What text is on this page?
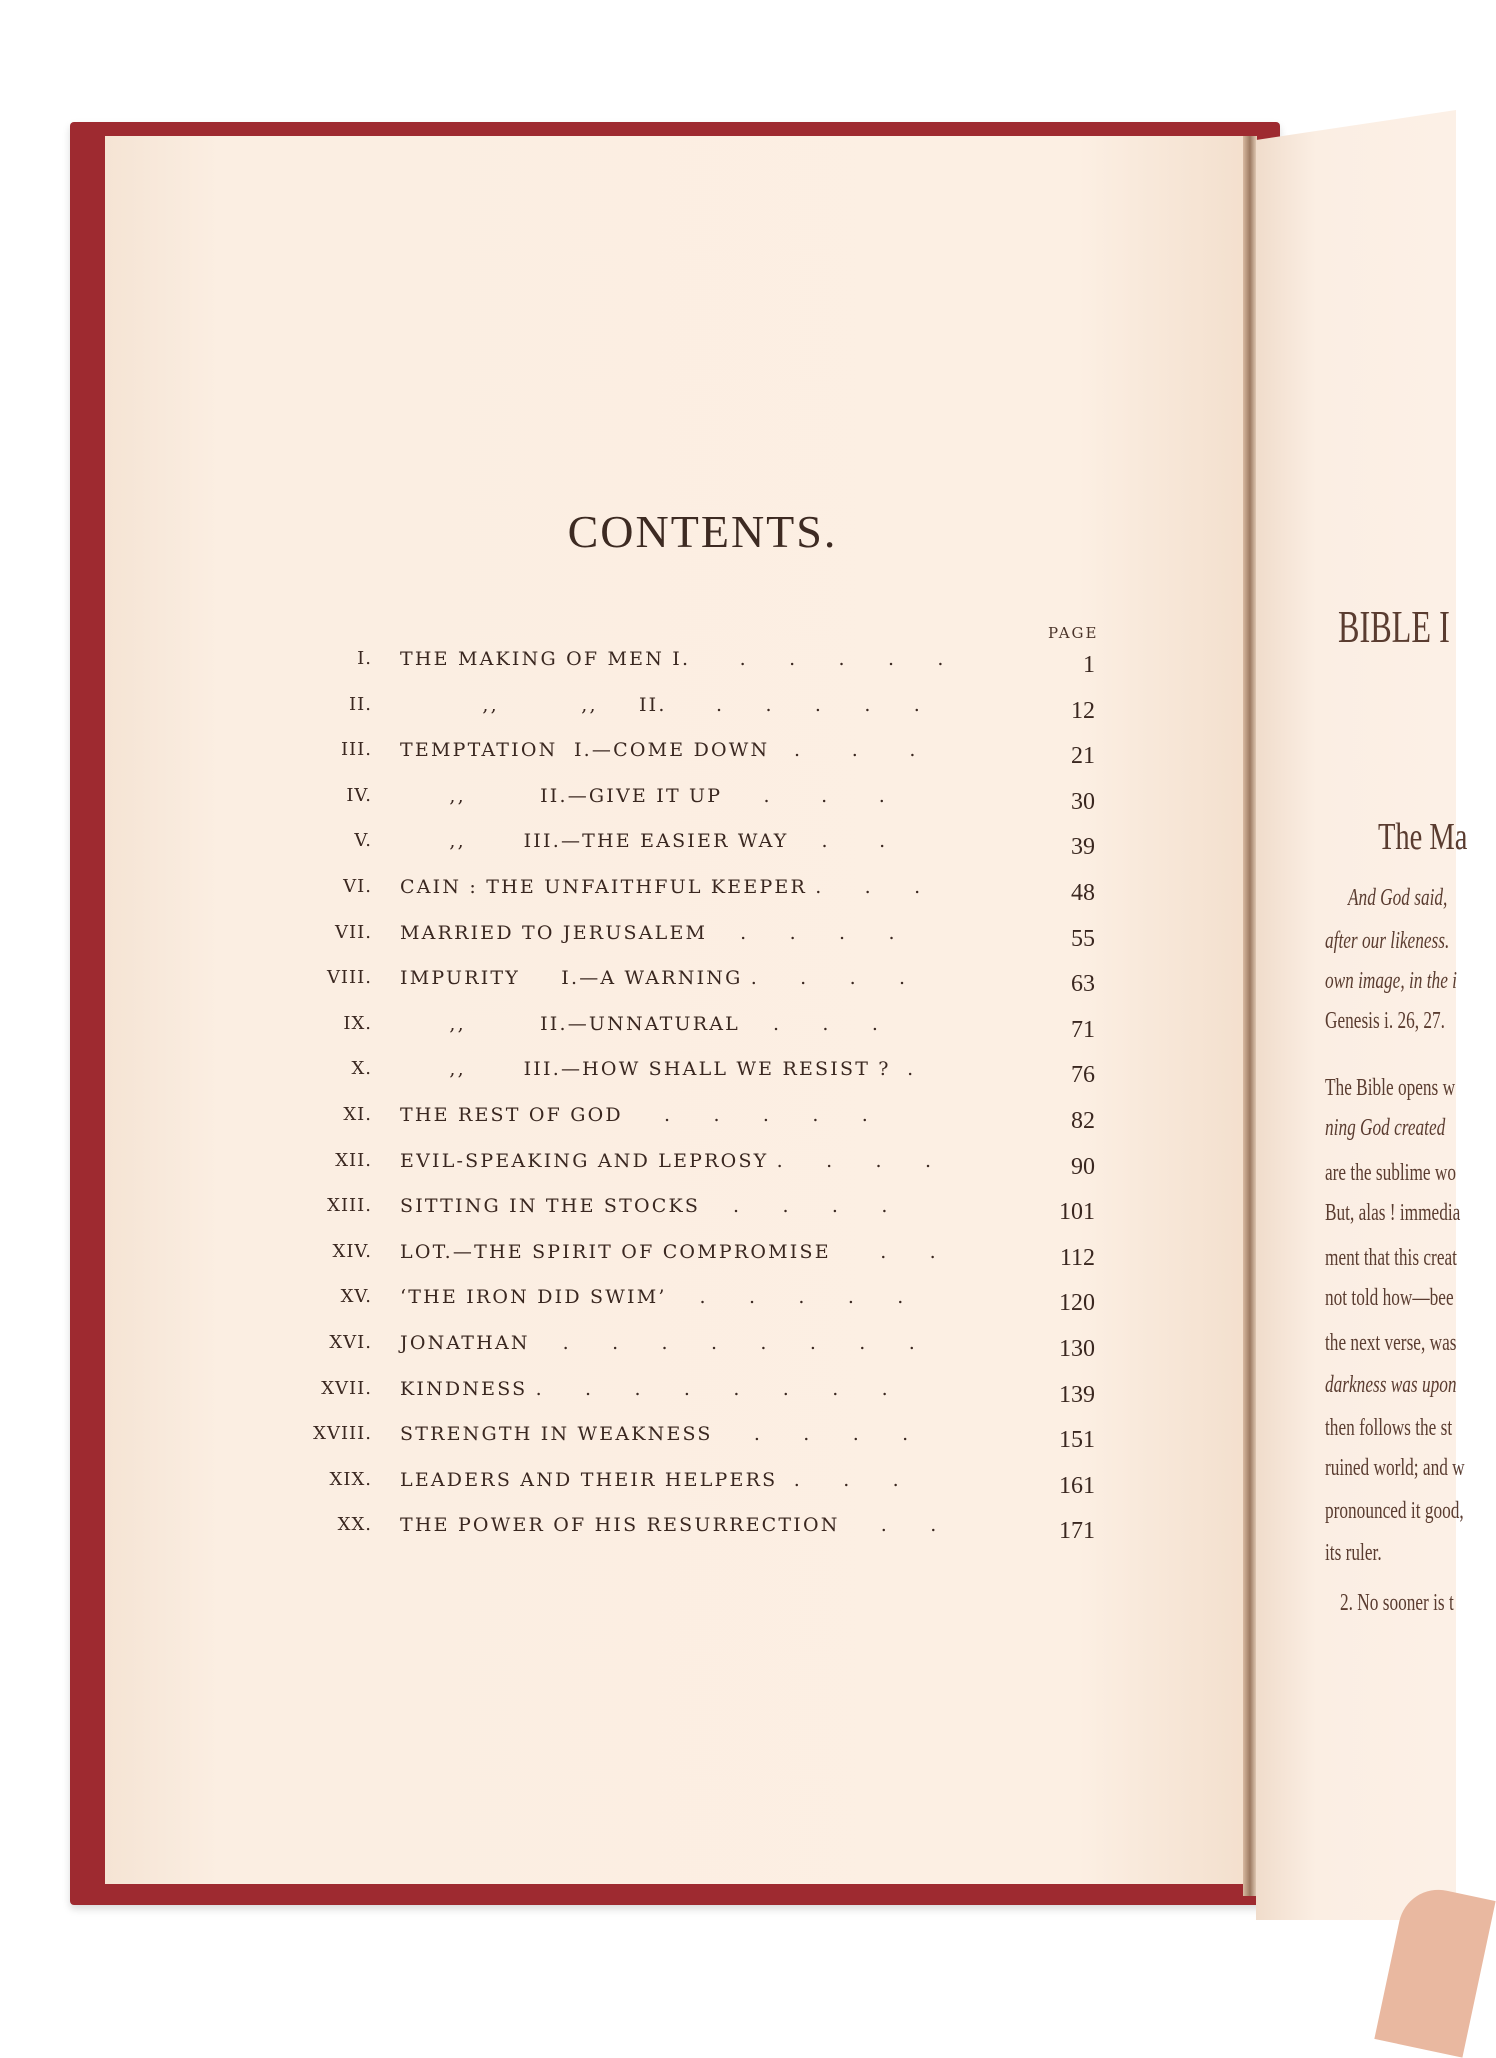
CONTENTS.
PAGE
I. THE MAKING OF MEN I.      .     .     .     .     .	1
II. ,,          ,,     II.      .     .     .     .     .	12
III. TEMPTATION  I.—COME DOWN   .      .      .	21
IV. ,,         II.—GIVE IT UP     .      .      .	30
V. ,,       III.—THE EASIER WAY    .      .	39
VI. CAIN : THE UNFAITHFUL KEEPER .     .     .	48
VII. MARRIED TO JERUSALEM    .     .     .     .	55
VIII. IMPURITY     I.—A WARNING .     .     .     .	63
IX. ,,         II.—UNNATURAL    .     .     .	71
X. ,,       III.—HOW SHALL WE RESIST ?  .	76
XI. THE REST OF GOD     .     .     .     .     .	82
XII. EVIL-SPEAKING AND LEPROSY .     .     .     .	90
XIII. SITTING IN THE STOCKS    .     .     .     .	101
XIV. LOT.—THE SPIRIT OF COMPROMISE      .     .	112
XV. ‘THE IRON DID SWIM’    .     .     .     .     .	120
XVI. JONATHAN    .     .     .     .     .     .     .     .	130
XVII. KINDNESS .     .     .     .     .     .     .     .	139
XVIII. STRENGTH IN WEAKNESS     .     .     .     .	151
XIX. LEADERS AND THEIR HELPERS  .     .     .	161
XX. THE POWER OF HIS RESURRECTION     .     .	171
BIBLE I
The Ma
And God said,
after our likeness.
own image, in the i
Genesis i. 26, 27.
The Bible opens w
ning God created
are the sublime wo
But, alas ! immedia
ment that this creat
not told how—bee
the next verse, was
darkness was upon
then follows the st
ruined world; and w
pronounced it good,
its ruler.
2. No sooner is t
